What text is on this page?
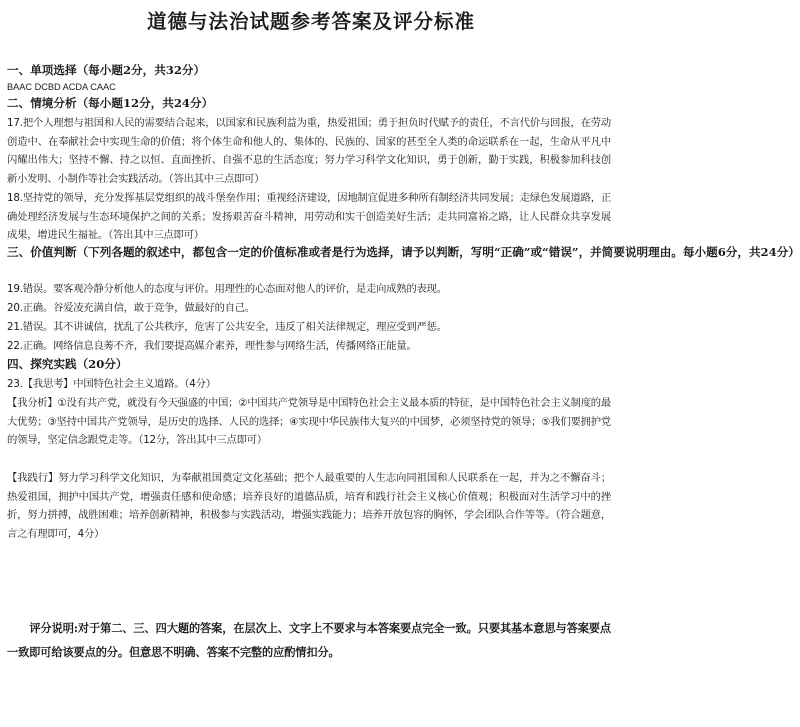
道德与法治试题参考答案及评分标准
一、单项选择（每小题2分，共32分）
BAAC DCBD ACDA CAAC
二、情境分析（每小题12分，共24分）
17.把个人理想与祖国和人民的需要结合起来，以国家和民族利益为重，热爱祖国；勇于担负时代赋予的责任，不言代价与回报，在劳动创造中、在奉献社会中实现生命的价值；将个体生命和他人的、集体的、民族的、国家的甚至全人类的命运联系在一起，生命从平凡中闪耀出伟大；坚持不懈、持之以恒、直面挫折、自强不息的生活态度；努力学习科学文化知识，勇于创新，勤于实践，积极参加科技创新小发明、小制作等社会实践活动。（答出其中三点即可）
18.坚持党的领导，充分发挥基层党组织的战斗堡垒作用；重视经济建设，因地制宜促进多种所有制经济共同发展；走绿色发展道路，正确处理经济发展与生态环境保护之间的关系；发扬艰苦奋斗精神，用劳动和实干创造美好生活；走共同富裕之路，让人民群众共享发展成果，增进民生福祉。（答出其中三点即可）
三、价值判断（下列各题的叙述中，都包含一定的价值标准或者是行为选择，请予以判断，写明“正确”或“错误”，并简要说明理由。每小题6分，共24分）
19.错误。要客观冷静分析他人的态度与评价。用理性的心态面对他人的评价，是走向成熟的表现。
20.正确。谷爱凌充满自信，敢于竞争，做最好的自己。
21.错误。其不讲诚信，扰乱了公共秩序，危害了公共安全，违反了相关法律规定，理应受到严惩。
22.正确。网络信息良莠不齐，我们要提高媒介素养，理性参与网络生活，传播网络正能量。
四、探究实践（20分）
23.【我思考】中国特色社会主义道路。（4分）
【我分析】①没有共产党，就没有今天强盛的中国；②中国共产党领导是中国特色社会主义最本质的特征，是中国特色社会主义制度的最大优势；③坚持中国共产党领导，是历史的选择、人民的选择；④实现中华民族伟大复兴的中国梦，必须坚持党的领导；⑤我们要拥护党的领导，坚定信念跟党走等。（12分，答出其中三点即可）
【我践行】努力学习科学文化知识，为奉献祖国奠定文化基础；把个人最重要的人生志向同祖国和人民联系在一起，并为之不懈奋斗；热爱祖国，拥护中国共产党，增强责任感和使命感；培养良好的道德品质，培育和践行社会主义核心价值观；积极面对生活学习中的挫折，努力拼搏，战胜困难；培养创新精神，积极参与实践活动，增强实践能力；培养开放包容的胸怀，学会团队合作等等。（符合题意，言之有理即可，4分）
评分说明:对于第二、三、四大题的答案，在层次上、文字上不要求与本答案要点完全一致。只要其基本意思与答案要点一致即可给该要点的分。但意思不明确、答案不完整的应酌情扣分。
